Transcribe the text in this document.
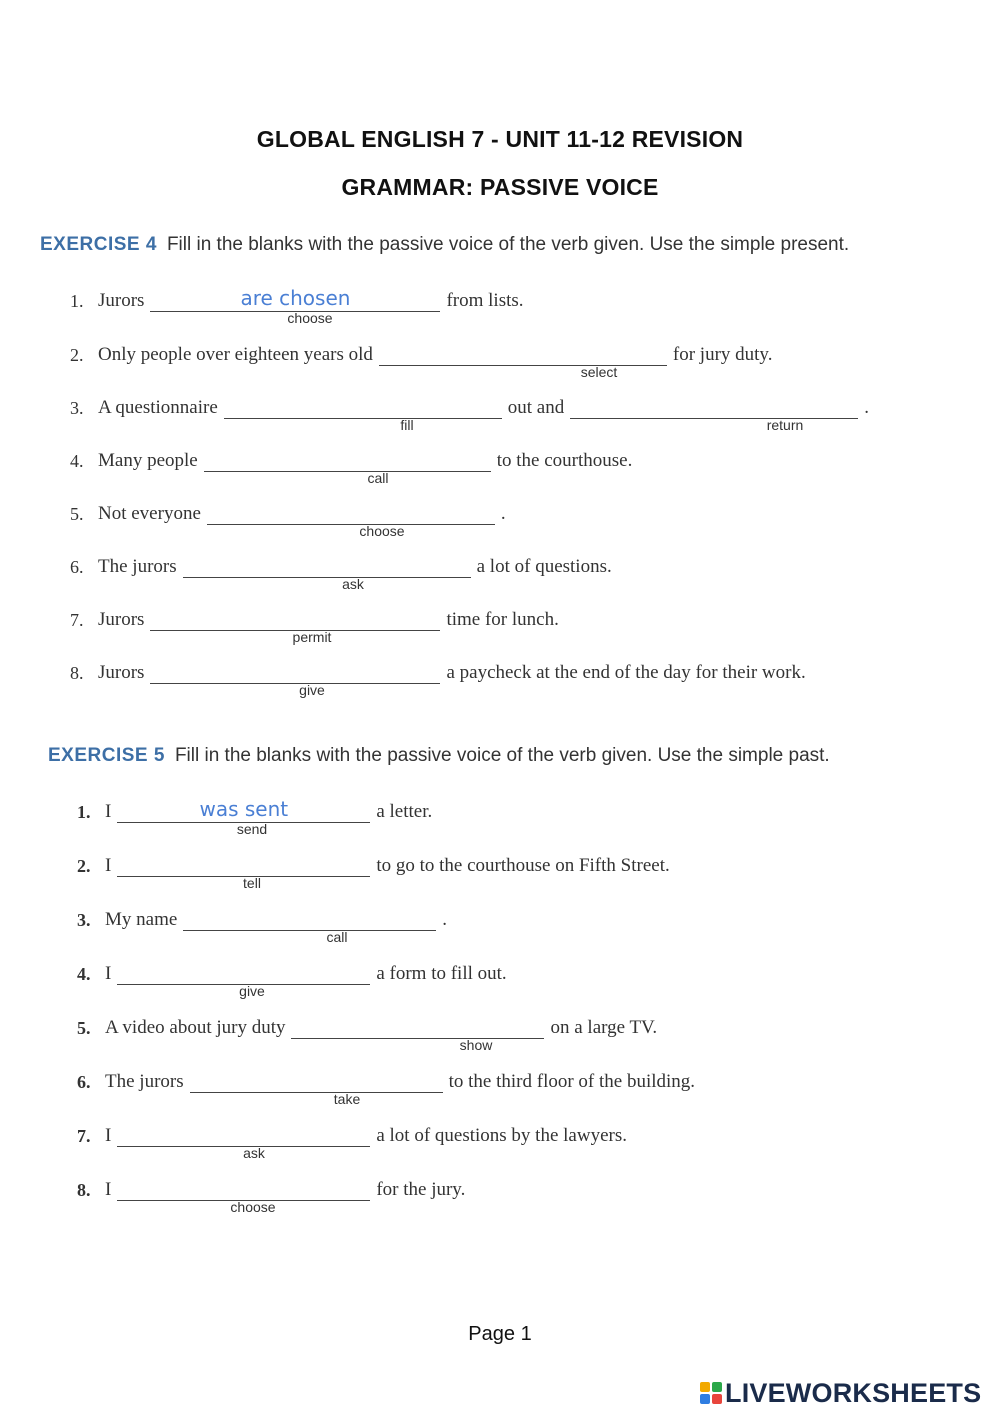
GLOBAL ENGLISH 7 - UNIT 11-12 REVISION
GRAMMAR: PASSIVE VOICE
EXERCISE 4 Fill in the blanks with the passive voice of the verb given. Use the simple present.
1. Jurors
are chosen	from lists.
choose
2. Only people over eighteen years old	for jury duty.
select
3. A questionnaire	out and	.
fill	return
4. Many people	to the courthouse.
call
5. Not everyone	.
choose
6. The jurors	a lot of questions.
ask
7. Jurors	time for lunch.
permit
8. Jurors	a paycheck at the end of the day for their work.
give
EXERCISE 5 Fill in the blanks with the passive voice of the verb given. Use the simple past.
1. I
was sent	a letter.
send
2. I	to go to the courthouse on Fifth Street.
tell
3. My name	.
call
4. I	a form to fill out.
give
5. A video about jury duty	on a large TV.
show
6. The jurors	to the third floor of the building.
take
7. I	a lot of questions by the lawyers.
ask
8. I	for the jury.
choose
Page 1
LIVEWORKSHEETS
